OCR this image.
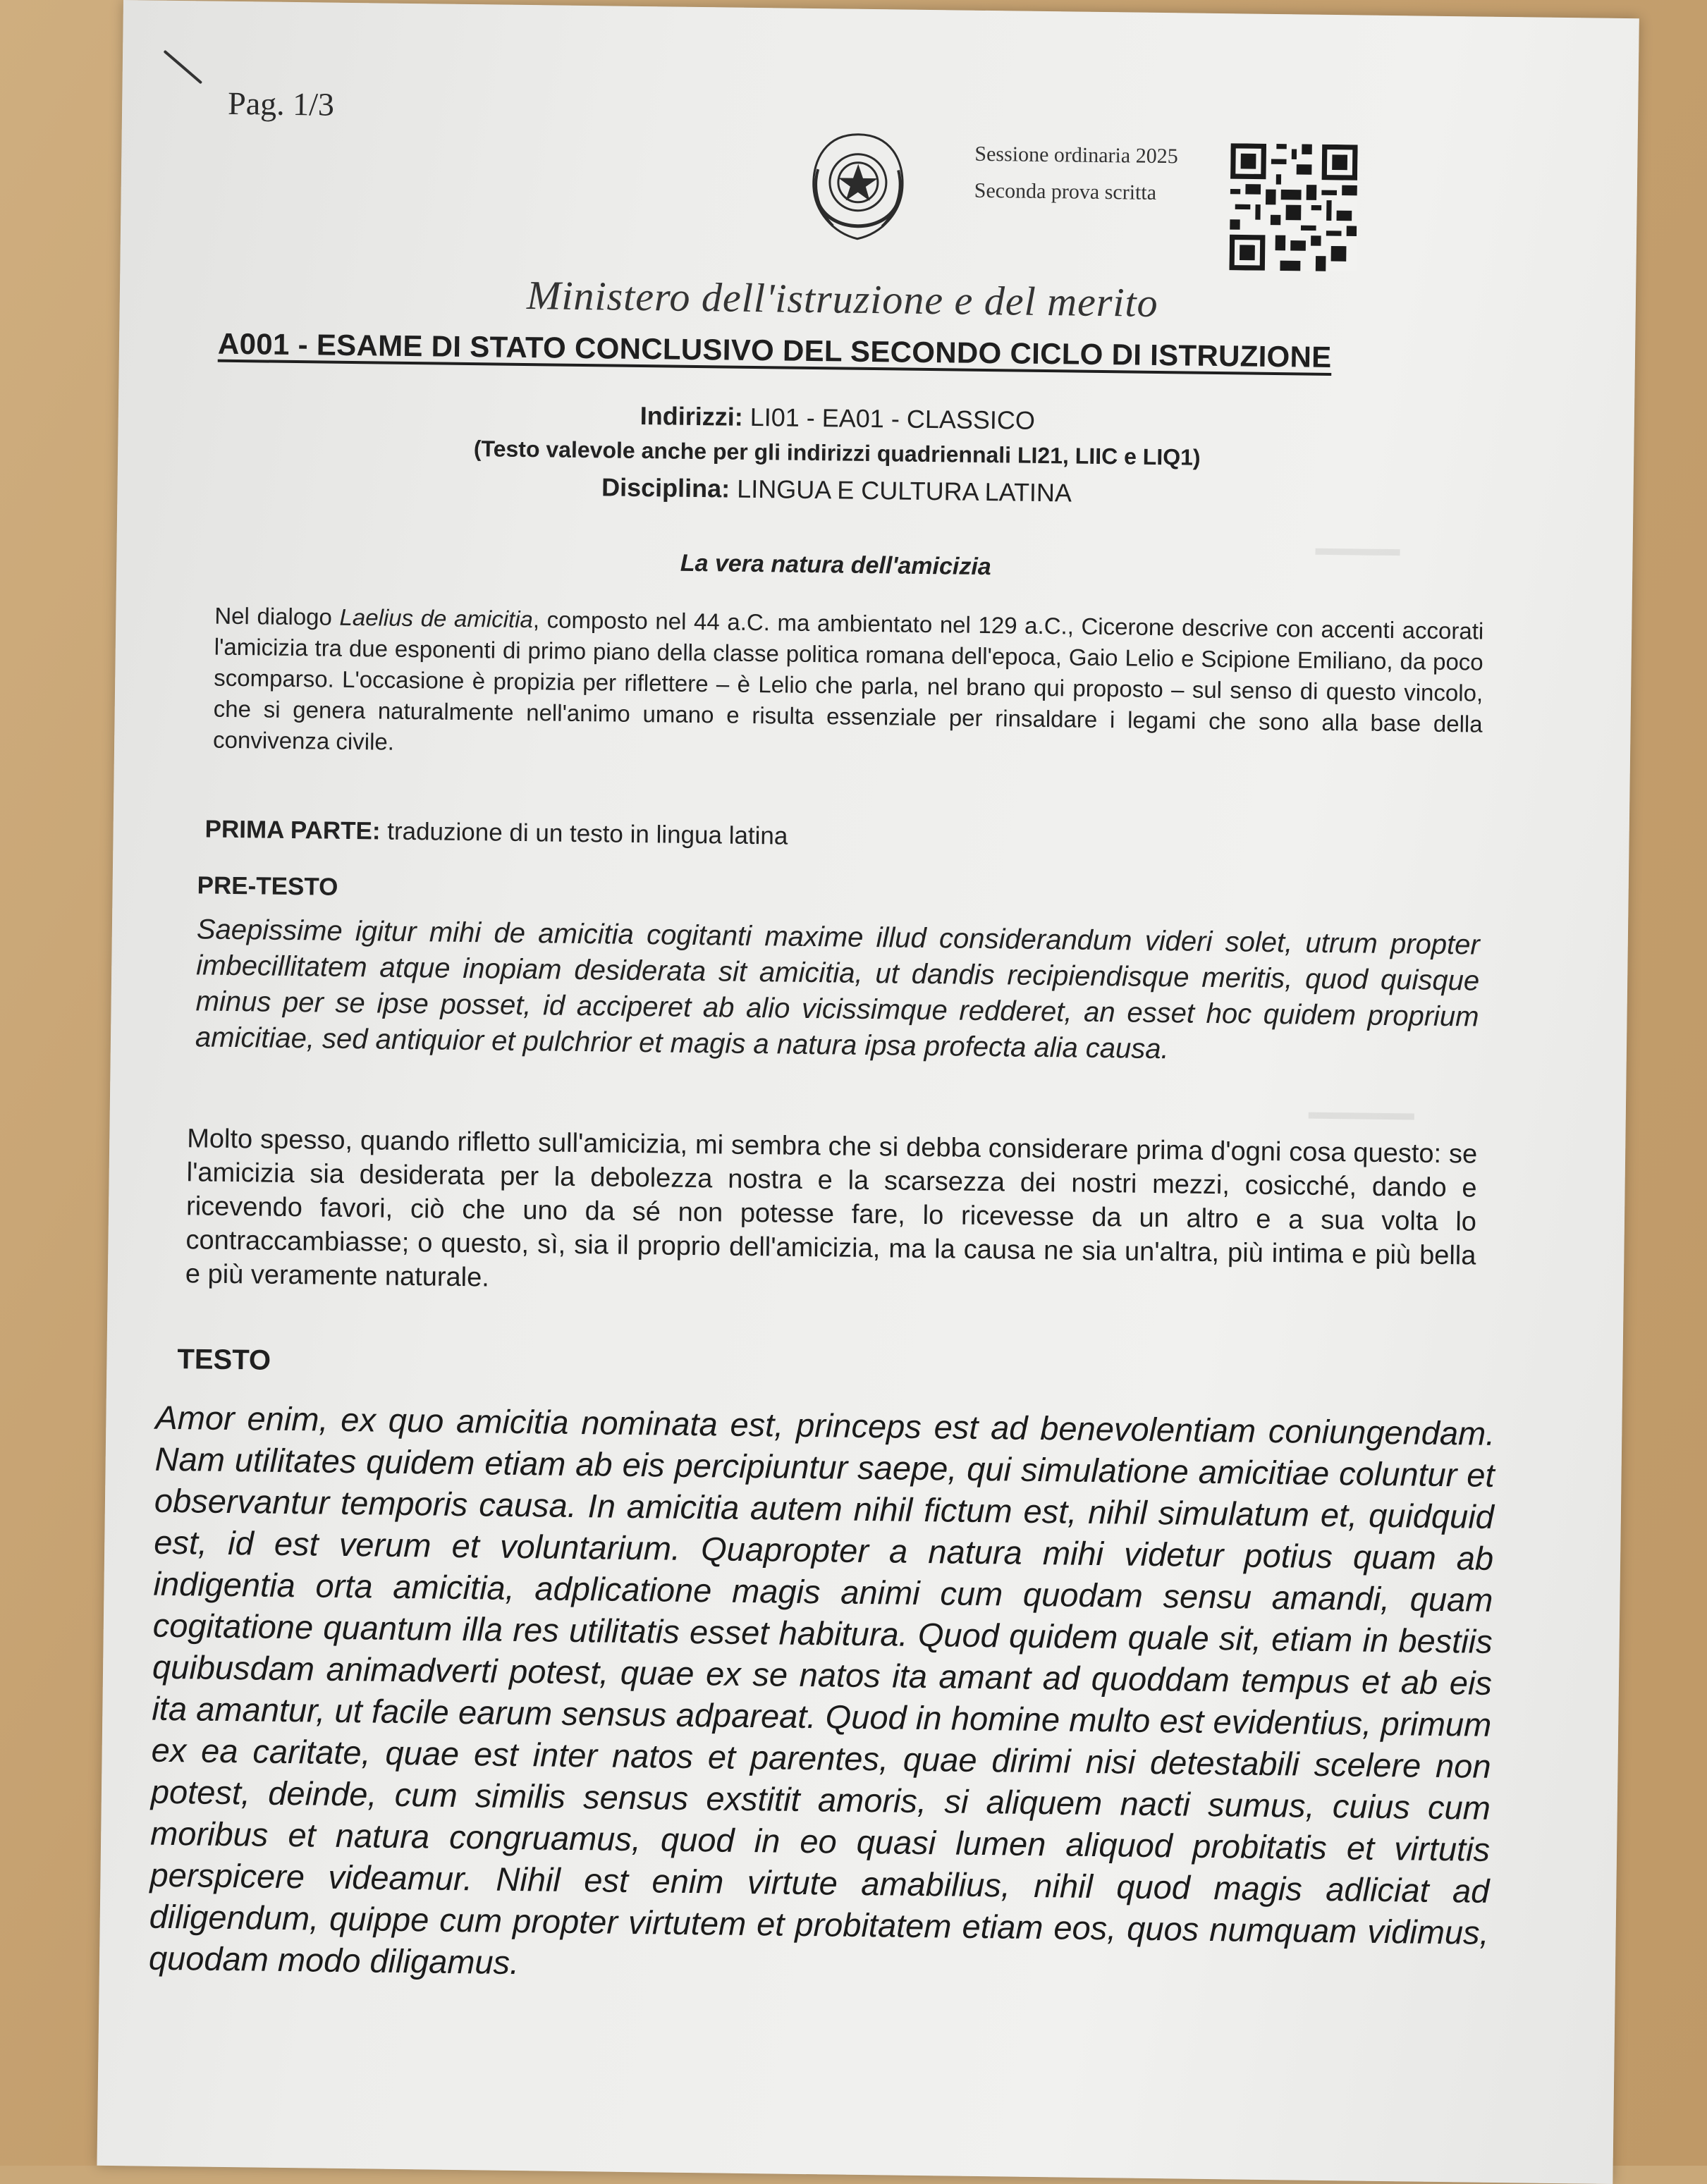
Pag. 1/3
Sessione ordinaria 2025
Seconda prova scritta
Ministero dell'istruzione e del merito
A001 - ESAME DI STATO CONCLUSIVO DEL SECONDO CICLO DI ISTRUZIONE
Indirizzi: LI01 - EA01 - CLASSICO
(Testo valevole anche per gli indirizzi quadriennali LI21, LIIC e LIQ1)
Disciplina: LINGUA E CULTURA LATINA
La vera natura dell'amicizia
Nel dialogo Laelius de amicitia, composto nel 44 a.C. ma ambientato nel 129 a.C., Cicerone descrive con accenti accorati l'amicizia tra due esponenti di primo piano della classe politica romana dell'epoca, Gaio Lelio e Scipione Emiliano, da poco scomparso. L'occasione è propizia per riflettere – è Lelio che parla, nel brano qui proposto – sul senso di questo vincolo, che si genera naturalmente nell'animo umano e risulta essenziale per rinsaldare i legami che sono alla base della convivenza civile.
PRIMA PARTE: traduzione di un testo in lingua latina
PRE-TESTO
Saepissime igitur mihi de amicitia cogitanti maxime illud considerandum videri solet, utrum propter imbecillitatem atque inopiam desiderata sit amicitia, ut dandis recipiendisque meritis, quod quisque minus per se ipse posset, id acciperet ab alio vicissimque redderet, an esset hoc quidem proprium amicitiae, sed antiquior et pulchrior et magis a natura ipsa profecta alia causa.
Molto spesso, quando rifletto sull'amicizia, mi sembra che si debba considerare prima d'ogni cosa questo: se l'amicizia sia desiderata per la debolezza nostra e la scarsezza dei nostri mezzi, cosicché, dando e ricevendo favori, ciò che uno da sé non potesse fare, lo ricevesse da un altro e a sua volta lo contraccambiasse; o questo, sì, sia il proprio dell'amicizia, ma la causa ne sia un'altra, più intima e più bella e più veramente naturale.
TESTO
Amor enim, ex quo amicitia nominata est, princeps est ad benevolentiam coniungendam. Nam utilitates quidem etiam ab eis percipiuntur saepe, qui simulatione amicitiae coluntur et observantur temporis causa. In amicitia autem nihil fictum est, nihil simulatum et, quidquid est, id est verum et voluntarium. Quapropter a natura mihi videtur potius quam ab indigentia orta amicitia, adplicatione magis animi cum quodam sensu amandi, quam cogitatione quantum illa res utilitatis esset habitura. Quod quidem quale sit, etiam in bestiis quibusdam animadverti potest, quae ex se natos ita amant ad quoddam tempus et ab eis ita amantur, ut facile earum sensus adpareat. Quod in homine multo est evidentius, primum ex ea caritate, quae est inter natos et parentes, quae dirimi nisi detestabili scelere non potest, deinde, cum similis sensus exstitit amoris, si aliquem nacti sumus, cuius cum moribus et natura congruamus, quod in eo quasi lumen aliquod probitatis et virtutis perspicere videamur. Nihil est enim virtute amabilius, nihil quod magis adliciat ad diligendum, quippe cum propter virtutem et probitatem etiam eos, quos numquam vidimus, quodam modo diligamus.
▬▬▬▬
▬▬▬▬▬
